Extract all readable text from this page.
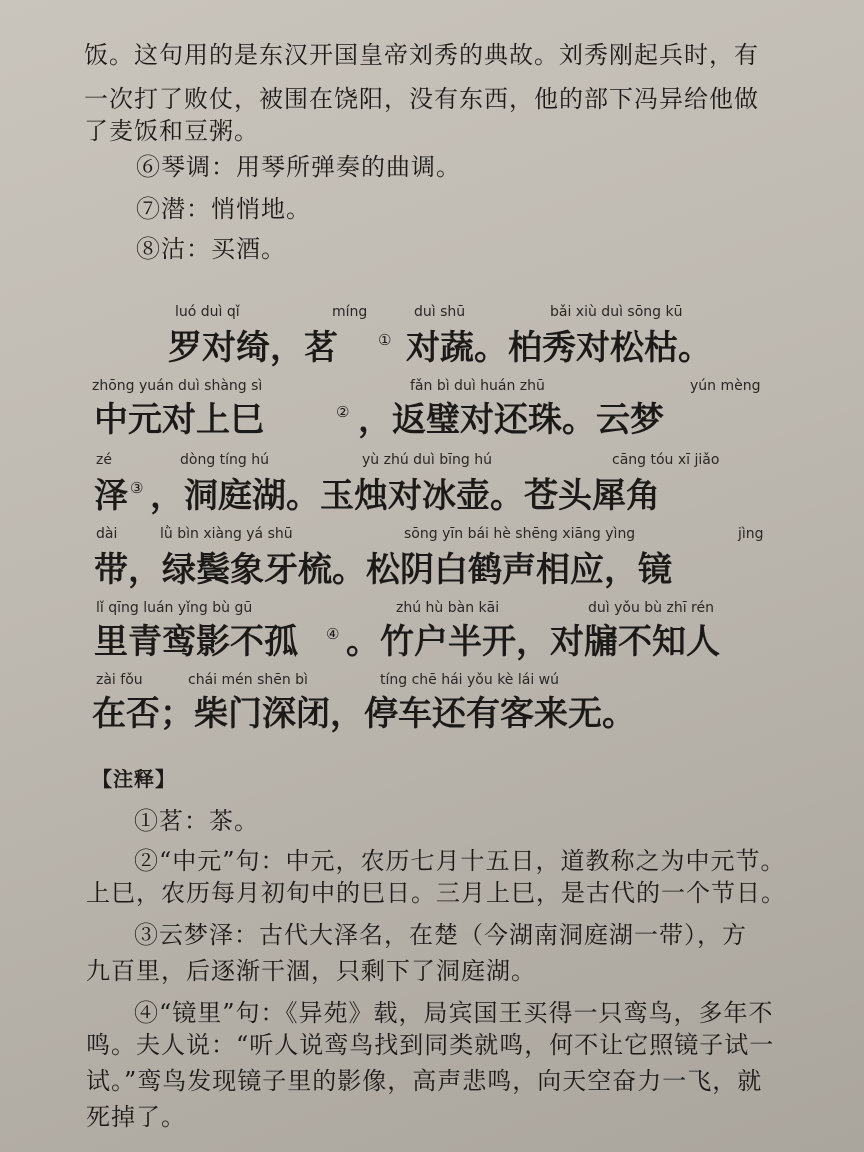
饭。这句用的是东汉开国皇帝刘秀的典故。刘秀刚起兵时，有
一次打了败仗，被围在饶阳，没有东西，他的部下冯异给他做
了麦饭和豆粥。
⑥琴调：用琴所弹奏的曲调。
⑦潜：悄悄地。
⑧沽：买酒。
luó duì qǐ	míng	duì shū	bǎi xiù duì sōng kū
罗对绮，茗	① 对蔬。柏秀对松枯。
zhōng yuán duì shàng sì	fǎn bì duì huán zhū	yún mèng
中元对上巳	② ，返璧对还珠。云梦
zé	dòng tíng hú	yù zhú duì bīng hú	cāng tóu xī jiǎo
泽 ③ ，洞庭湖。玉烛对冰壶。苍头犀角
dài	lǜ bìn xiàng yá shū	sōng yīn bái hè shēng xiāng yìng	jìng
带，绿鬓象牙梳。松阴白鹤声相应，镜
lǐ qīng luán yǐng bù gū	zhú hù bàn kāi	duì yǒu bù zhī rén
里青鸾影不孤 ④ 。竹户半开，对牖不知人
zài fǒu	chái mén shēn bì	tíng chē hái yǒu kè lái wú
在否；柴门深闭，停车还有客来无。
【注释】
①茗：茶。
②“中元”句：中元，农历七月十五日，道教称之为中元节。
上巳，农历每月初旬中的巳日。三月上巳，是古代的一个节日。
③云梦泽：古代大泽名，在楚（今湖南洞庭湖一带），方
九百里，后逐渐干涸，只剩下了洞庭湖。
④“镜里”句：《异苑》载，局宾国王买得一只鸾鸟，多年不
鸣。夫人说：“听人说鸾鸟找到同类就鸣，何不让它照镜子试一
试。”鸾鸟发现镜子里的影像，高声悲鸣，向天空奋力一飞，就
死掉了。
